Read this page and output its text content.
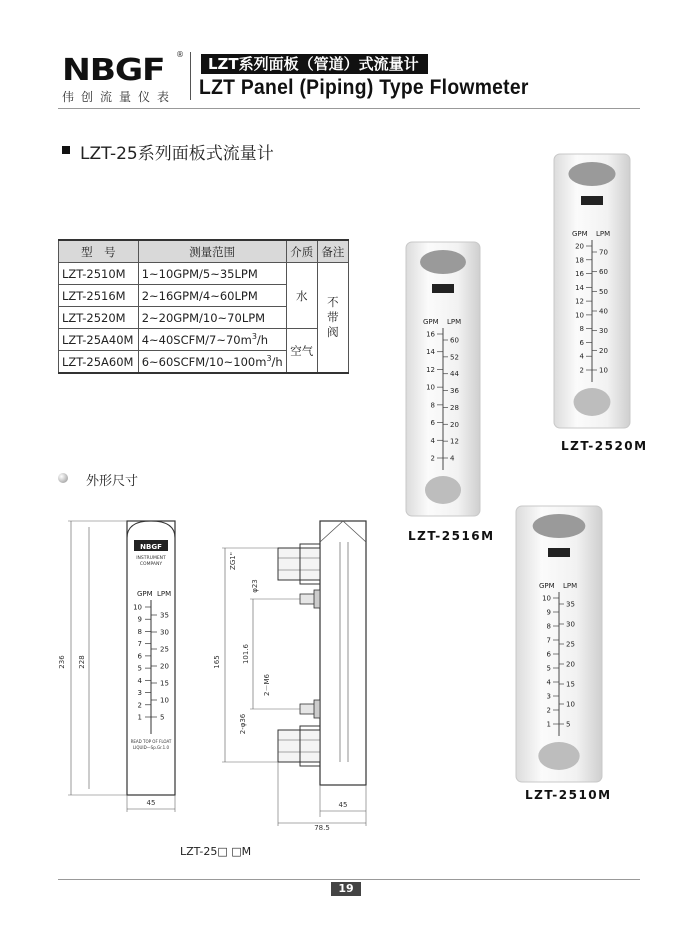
NBGF	®
伟创流量仪表
LZT系列面板（管道）式流量计
LZT Panel (Piping) Type Flowmeter
LZT-25系列面板式流量计
型　号	测量范围	介质	备注
LZT-2510M	1~10GPM/5~35LPM	水	不
带
阀
LZT-2516M	2~16GPM/4~60LPM		
LZT-2520M	2~20GPM/10~70LPM		
LZT-25A40M	$4\sim 40SCFM/7\sim 70m^3/h$	空气	
LZT-25A60M	$6\sim 60SCFM/10\sim 100m^3/h$		
外形尺寸
NBGF
INSTRUMENT
COMPANY
GPM LPM
10
9
8
7
6
5
4
3
2
1
35
30
25
20
15
10
5
READ TOP OF FLOAT
LIQUID—Sp.Gr.1.0
236 228
45
165	101.6
2－M6
2-φ36
ZG1"
φ23
45
78.5
LZT-25□ □M
GPM LPM
16
14
12
10
8
6
4
2
60
52
44
36
28
20
12
4
LZT-2516M
GPM LPM
20
18
16
14
12
10
8
6
4
2
70
60
50
40
30
20
10
LZT-2520M
GPM LPM
10
9
8
7
6
5
4
3
2
1
35
30
25
20
15
10
5
LZT-2510M
19
